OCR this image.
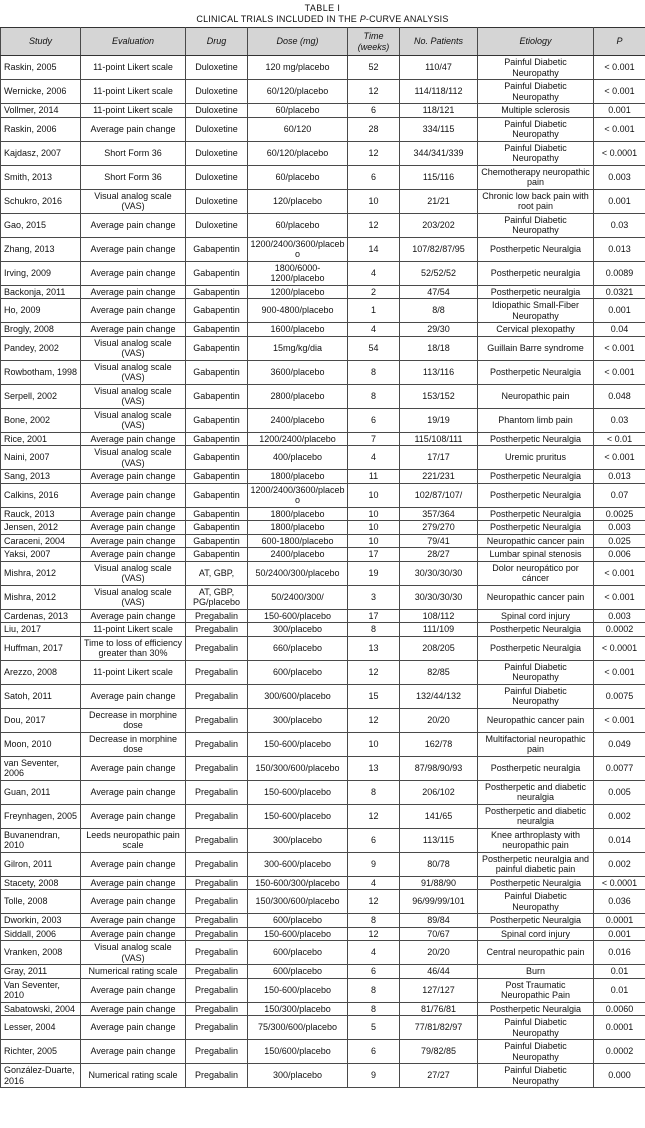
TABLE I
CLINICAL TRIALS INCLUDED IN THE P-CURVE ANALYSIS
Study	Evaluation	Drug	Dose (mg)	Time (weeks)	No. Patients	Etiology	P
Raskin, 2005	11-point Likert scale	Duloxetine	120 mg/placebo	52	110/47	Painful Diabetic Neuropathy	< 0.001
Wernicke, 2006	11-point Likert scale	Duloxetine	60/120/placebo	12	114/118/112	Painful Diabetic Neuropathy	< 0.001
Vollmer, 2014	11-point Likert scale	Duloxetine	60/placebo	6	118/121	Multiple sclerosis	0.001
Raskin, 2006	Average pain change	Duloxetine	60/120	28	334/115	Painful Diabetic Neuropathy	< 0.001
Kajdasz, 2007	Short Form 36	Duloxetine	60/120/placebo	12	344/341/339	Painful Diabetic Neuropathy	< 0.0001
Smith, 2013	Short Form 36	Duloxetine	60/placebo	6	115/116	Chemotherapy neuropathic pain	0.003
Schukro, 2016	Visual analog scale (VAS)	Duloxetine	120/placebo	10	21/21	Chronic low back pain with root pain	0.001
Gao, 2015	Average pain change	Duloxetine	60/placebo	12	203/202	Painful Diabetic Neuropathy	0.03
Zhang, 2013	Average pain change	Gabapentin	1200/2400/3600/placebo	14	107/82/87/95	Postherpetic Neuralgia	0.013
Irving, 2009	Average pain change	Gabapentin	1800/6000-1200/placebo	4	52/52/52	Postherpetic neuralgia	0.0089
Backonja, 2011	Average pain change	Gabapentin	1200/placebo	2	47/54	Postherpetic neuralgia	0.0321
Ho, 2009	Average pain change	Gabapentin	900-4800/placebo	1	8/8	Idiopathic Small-Fiber Neuropathy	0.001
Brogly, 2008	Average pain change	Gabapentin	1600/placebo	4	29/30	Cervical plexopathy	0.04
Pandey, 2002	Visual analog scale (VAS)	Gabapentin	15mg/kg/dia	54	18/18	Guillain Barre syndrome	< 0.001
Rowbotham, 1998	Visual analog scale (VAS)	Gabapentin	3600/placebo	8	113/116	Postherpetic Neuralgia	< 0.001
Serpell, 2002	Visual analog scale (VAS)	Gabapentin	2800/placebo	8	153/152	Neuropathic pain	0.048
Bone, 2002	Visual analog scale (VAS)	Gabapentin	2400/placebo	6	19/19	Phantom limb pain	0.03
Rice, 2001	Average pain change	Gabapentin	1200/2400/placebo	7	115/108/111	Postherpetic Neuralgia	< 0.01
Naini, 2007	Visual analog scale (VAS)	Gabapentin	400/placebo	4	17/17	Uremic pruritus	< 0.001
Sang, 2013	Average pain change	Gabapentin	1800/placebo	11	221/231	Postherpetic Neuralgia	0.013
Calkins, 2016	Average pain change	Gabapentin	1200/2400/3600/placebo	10	102/87/107/	Postherpetic Neuralgia	0.07
Rauck, 2013	Average pain change	Gabapentin	1800/placebo	10	357/364	Postherpetic Neuralgia	0.0025
Jensen, 2012	Average pain change	Gabapentin	1800/placebo	10	279/270	Postherpetic Neuralgia	0.003
Caraceni, 2004	Average pain change	Gabapentin	600-1800/placebo	10	79/41	Neuropathic cancer pain	0.025
Yaksi, 2007	Average pain change	Gabapentin	2400/placebo	17	28/27	Lumbar spinal stenosis	0.006
Mishra, 2012	Visual analog scale (VAS)	AT, GBP,	50/2400/300/placebo	19	30/30/30/30	Dolor neuropático por cáncer	< 0.001
Mishra, 2012	Visual analog scale (VAS)	AT, GBP, PG/placebo	50/2400/300/	3	30/30/30/30	Neuropathic cancer pain	< 0.001
Cardenas, 2013	Average pain change	Pregabalin	150-600/placebo	17	108/112	Spinal cord injury	0.003
Liu, 2017	11-point Likert scale	Pregabalin	300/placebo	8	111/109	Postherpetic Neuralgia	0.0002
Huffman, 2017	Time to loss of efficiency greater than 30%	Pregabalin	660/placebo	13	208/205	Postherpetic Neuralgia	< 0.0001
Arezzo, 2008	11-point Likert scale	Pregabalin	600/placebo	12	82/85	Painful Diabetic Neuropathy	< 0.001
Satoh, 2011	Average pain change	Pregabalin	300/600/placebo	15	132/44/132	Painful Diabetic Neuropathy	0.0075
Dou, 2017	Decrease in morphine dose	Pregabalin	300/placebo	12	20/20	Neuropathic cancer pain	< 0.001
Moon, 2010	Decrease in morphine dose	Pregabalin	150-600/placebo	10	162/78	Multifactorial neuropathic pain	0.049
van Seventer, 2006	Average pain change	Pregabalin	150/300/600/placebo	13	87/98/90/93	Postherpetic neuralgia	0.0077
Guan, 2011	Average pain change	Pregabalin	150-600/placebo	8	206/102	Postherpetic and diabetic neuralgia	0.005
Freynhagen, 2005	Average pain change	Pregabalin	150-600/placebo	12	141/65	Postherpetic and diabetic neuralgia	0.002
Buvanendran, 2010	Leeds neuropathic pain scale	Pregabalin	300/placebo	6	113/115	Knee arthroplasty with neuropathic pain	0.014
Gilron, 2011	Average pain change	Pregabalin	300-600/placebo	9	80/78	Postherpetic neuralgia and painful diabetic pain	0.002
Stacety, 2008	Average pain change	Pregabalin	150-600/300/placebo	4	91/88/90	Postherpetic Neuralgia	< 0.0001
Tolle, 2008	Average pain change	Pregabalin	150/300/600/placebo	12	96/99/99/101	Painful Diabetic Neuropathy	0.036
Dworkin, 2003	Average pain change	Pregabalin	600/placebo	8	89/84	Postherpetic Neuralgia	0.0001
Siddall, 2006	Average pain change	Pregabalin	150-600/placebo	12	70/67	Spinal cord injury	0.001
Vranken, 2008	Visual analog scale (VAS)	Pregabalin	600/placebo	4	20/20	Central neuropathic pain	0.016
Gray, 2011	Numerical rating scale	Pregabalin	600/placebo	6	46/44	Burn	0.01
Van Seventer, 2010	Average pain change	Pregabalin	150-600/placebo	8	127/127	Post Traumatic Neuropathic Pain	0.01
Sabatowski, 2004	Average pain change	Pregabalin	150/300/placebo	8	81/76/81	Postherpetic Neuralgia	0.0060
Lesser, 2004	Average pain change	Pregabalin	75/300/600/placebo	5	77/81/82/97	Painful Diabetic Neuropathy	0.0001
Richter, 2005	Average pain change	Pregabalin	150/600/placebo	6	79/82/85	Painful Diabetic Neuropathy	0.0002
González-Duarte, 2016	Numerical rating scale	Pregabalin	300/placebo	9	27/27	Painful Diabetic Neuropathy	0.000
